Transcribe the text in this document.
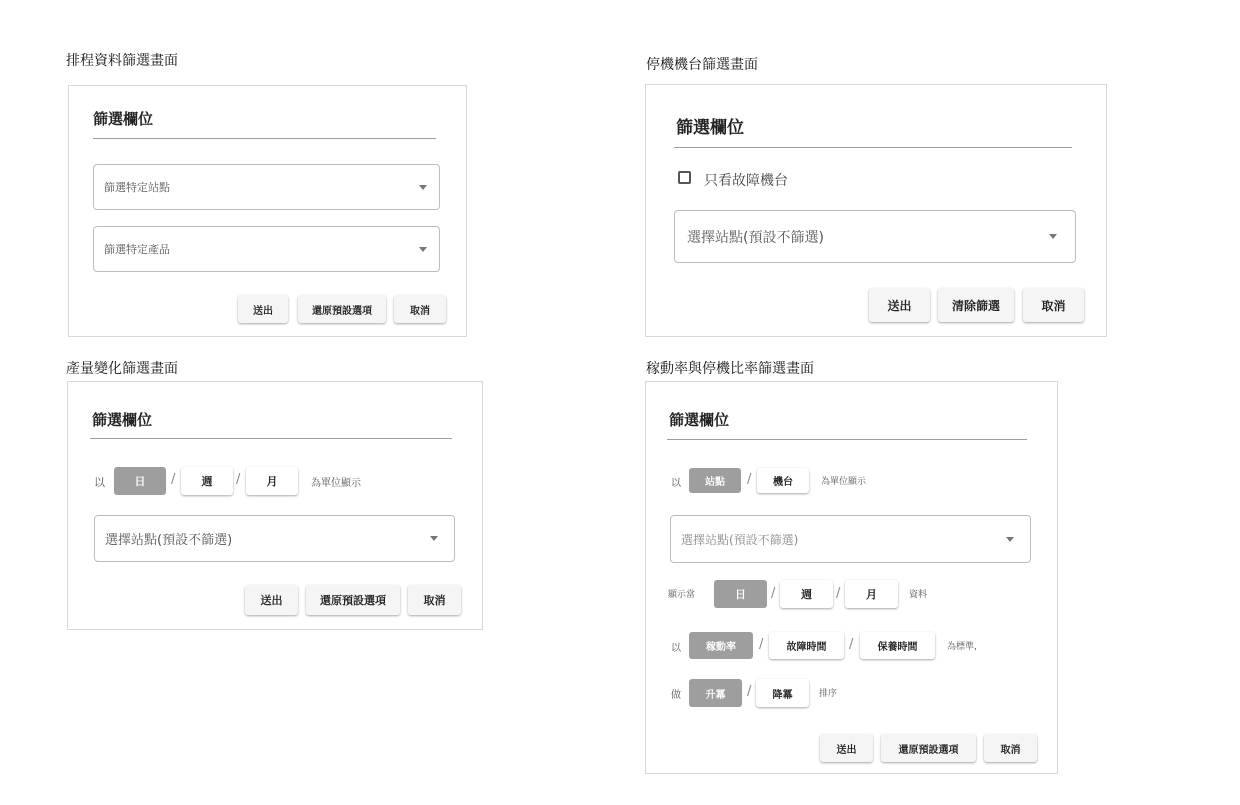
排程資料篩選畫面
篩選欄位
篩選特定站點
篩選特定產品
送出	還原預設選項	取消
停機機台篩選畫面
篩選欄位
只看故障機台
選擇站點(預設不篩選)
送出	清除篩選	取消
產量變化篩選畫面
篩選欄位
以	日	/	週	/	月	為單位顯示
選擇站點(預設不篩選)
送出	還原預設選項	取消
稼動率與停機比率篩選畫面
篩選欄位
以	站點	/	機台	為單位顯示
選擇站點(預設不篩選)
顯示當	日	/	週	/	月	資料
以	稼動率	/	故障時間	/	保養時間	為標準，
做	升冪	/	降冪	排序
送出	還原預設選項	取消
